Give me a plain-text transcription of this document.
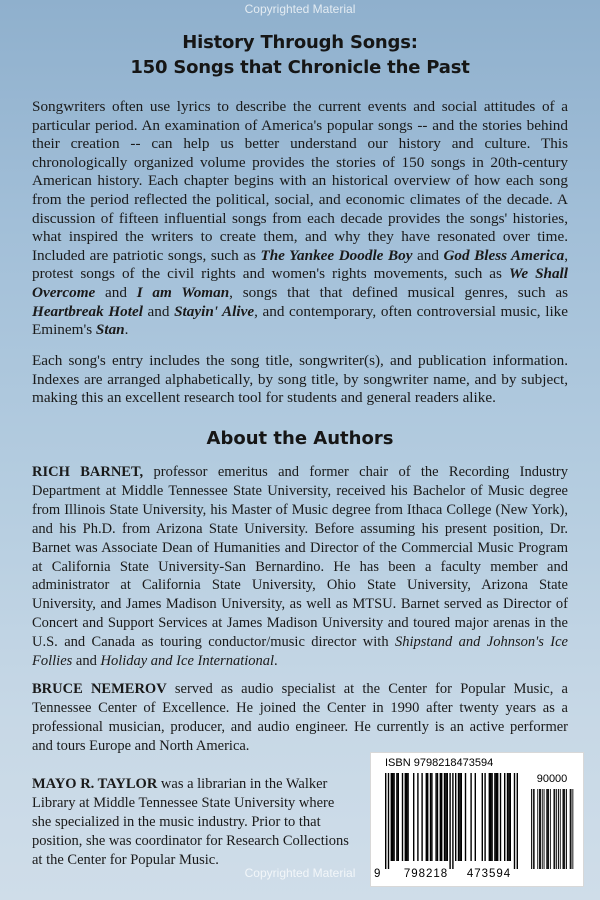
Copyrighted Material
History Through Songs:
150 Songs that Chronicle the Past

Songwriters often use lyrics to describe the current events and social attitudes of a particular period. An examination of America's popular songs -- and the stories behind their creation -- can help us better understand our history and culture. This chronologically organized volume provides the stories of 150 songs in 20th-century American history. Each chapter begins with an historical overview of how each song from the period reflected the political, social, and economic climates of the decade. A discussion of fifteen influential songs from each decade provides the songs' histories, what inspired the writers to create them, and why they have resonated over time. Included are patriotic songs, such as The Yankee Doodle Boy and God Bless America, protest songs of the civil rights and women's rights movements, such as We Shall Overcome and I am Woman, songs that that defined musical genres, such as Heartbreak Hotel and Stayin' Alive, and contemporary, often controversial music, like Eminem's Stan.

Each song's entry includes the song title, songwriter(s), and publication information. Indexes are arranged alphabetically, by song title, by songwriter name, and by subject, making this an excellent research tool for students and general readers alike.

About the Authors

RICH BARNET, professor emeritus and former chair of the Recording Industry Department at Middle Tennessee State University, received his Bachelor of Music degree from Illinois State University, his Master of Music degree from Ithaca College (New York), and his Ph.D. from Arizona State University. Before assuming his present position, Dr. Barnet was Associate Dean of Humanities and Director of the Commercial Music Program at California State University-San Bernardino. He has been a faculty member and administrator at California State University, Ohio State University, Arizona State University, and James Madison University, as well as MTSU. Barnet served as Director of Concert and Support Services at James Madison University and toured major arenas in the U.S. and Canada as touring conductor/music director with Shipstand and Johnson's Ice Follies and Holiday and Ice International.

BRUCE NEMEROV served as audio specialist at the Center for Popular Music, a Tennessee Center of Excellence. He joined the Center in 1990 after twenty years as a professional musician, producer, and audio engineer. He currently is an active performer and tours Europe and North America.

MAYO R. TAYLOR was a librarian in the Walker Library at Middle Tennessee State University where she specialized in the music industry. Prior to that position, she was coordinator for Research Collections at the Center for Popular Music.

ISBN 9798218473594
90000
9	798218	473594
Copyrighted Material
